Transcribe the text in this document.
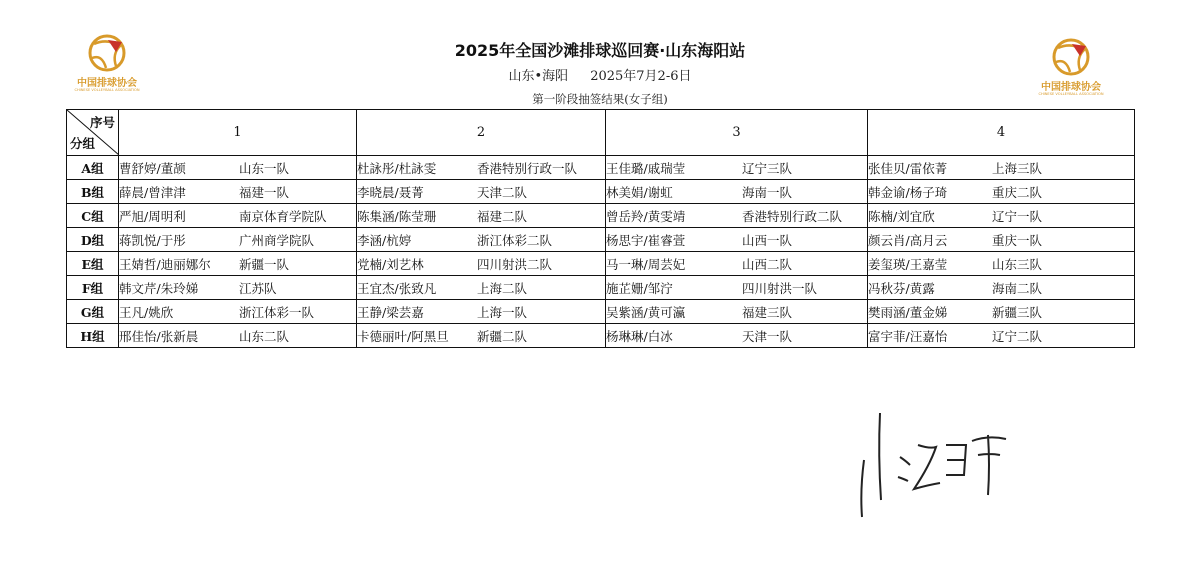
中国排球协会
CHINESE VOLLEYBALL ASSOCIATION	中国排球协会
CHINESE VOLLEYBALL ASSOCIATION
2025年全国沙滩排球巡回赛·山东海阳站
山东•海阳 2025年7月2-6日
第一阶段抽签结果(女子组)
序号
分组	1	2	3	4
A组	曹舒婷/董颉 山东一队	杜詠彤/杜詠雯 香港特别行政一队	王佳璐/戚瑞莹 辽宁三队	张佳贝/雷依菁 上海三队
B组	薛晨/曾津津 福建一队	李晓晨/聂菁 天津二队	林美娟/谢虹 海南一队	韩金谕/杨子琦 重庆二队
C组	严旭/周明利 南京体育学院队	陈集涵/陈莹珊 福建二队	曾岳羚/黄雯靖 香港特别行政二队	陈楠/刘宜欣 辽宁一队
D组	蒋凯悦/于彤 广州商学院队	李涵/杭婷 浙江体彩二队	杨思宇/崔睿萱 山西一队	颜云肖/高月云 重庆一队
E组	王婧哲/迪丽娜尔 新疆一队	党楠/刘艺林 四川射洪二队	马一琳/周芸妃 山西二队	姜玺瑛/王嘉莹 山东三队
F组	韩文芹/朱玲娣 江苏队	王宜杰/张致凡 上海二队	施芷姗/邹泞 四川射洪一队	冯秋芬/黄露 海南二队
G组	王凡/姚欣 浙江体彩一队	王静/梁芸嘉 上海一队	吴紫涵/黄可瀛 福建三队	樊雨涵/董金娣 新疆三队
H组	邢佳怡/张新晨 山东二队	卡德丽叶/阿黑旦 新疆二队	杨琳琳/白冰 天津一队	富宇菲/汪嘉怡 辽宁二队
